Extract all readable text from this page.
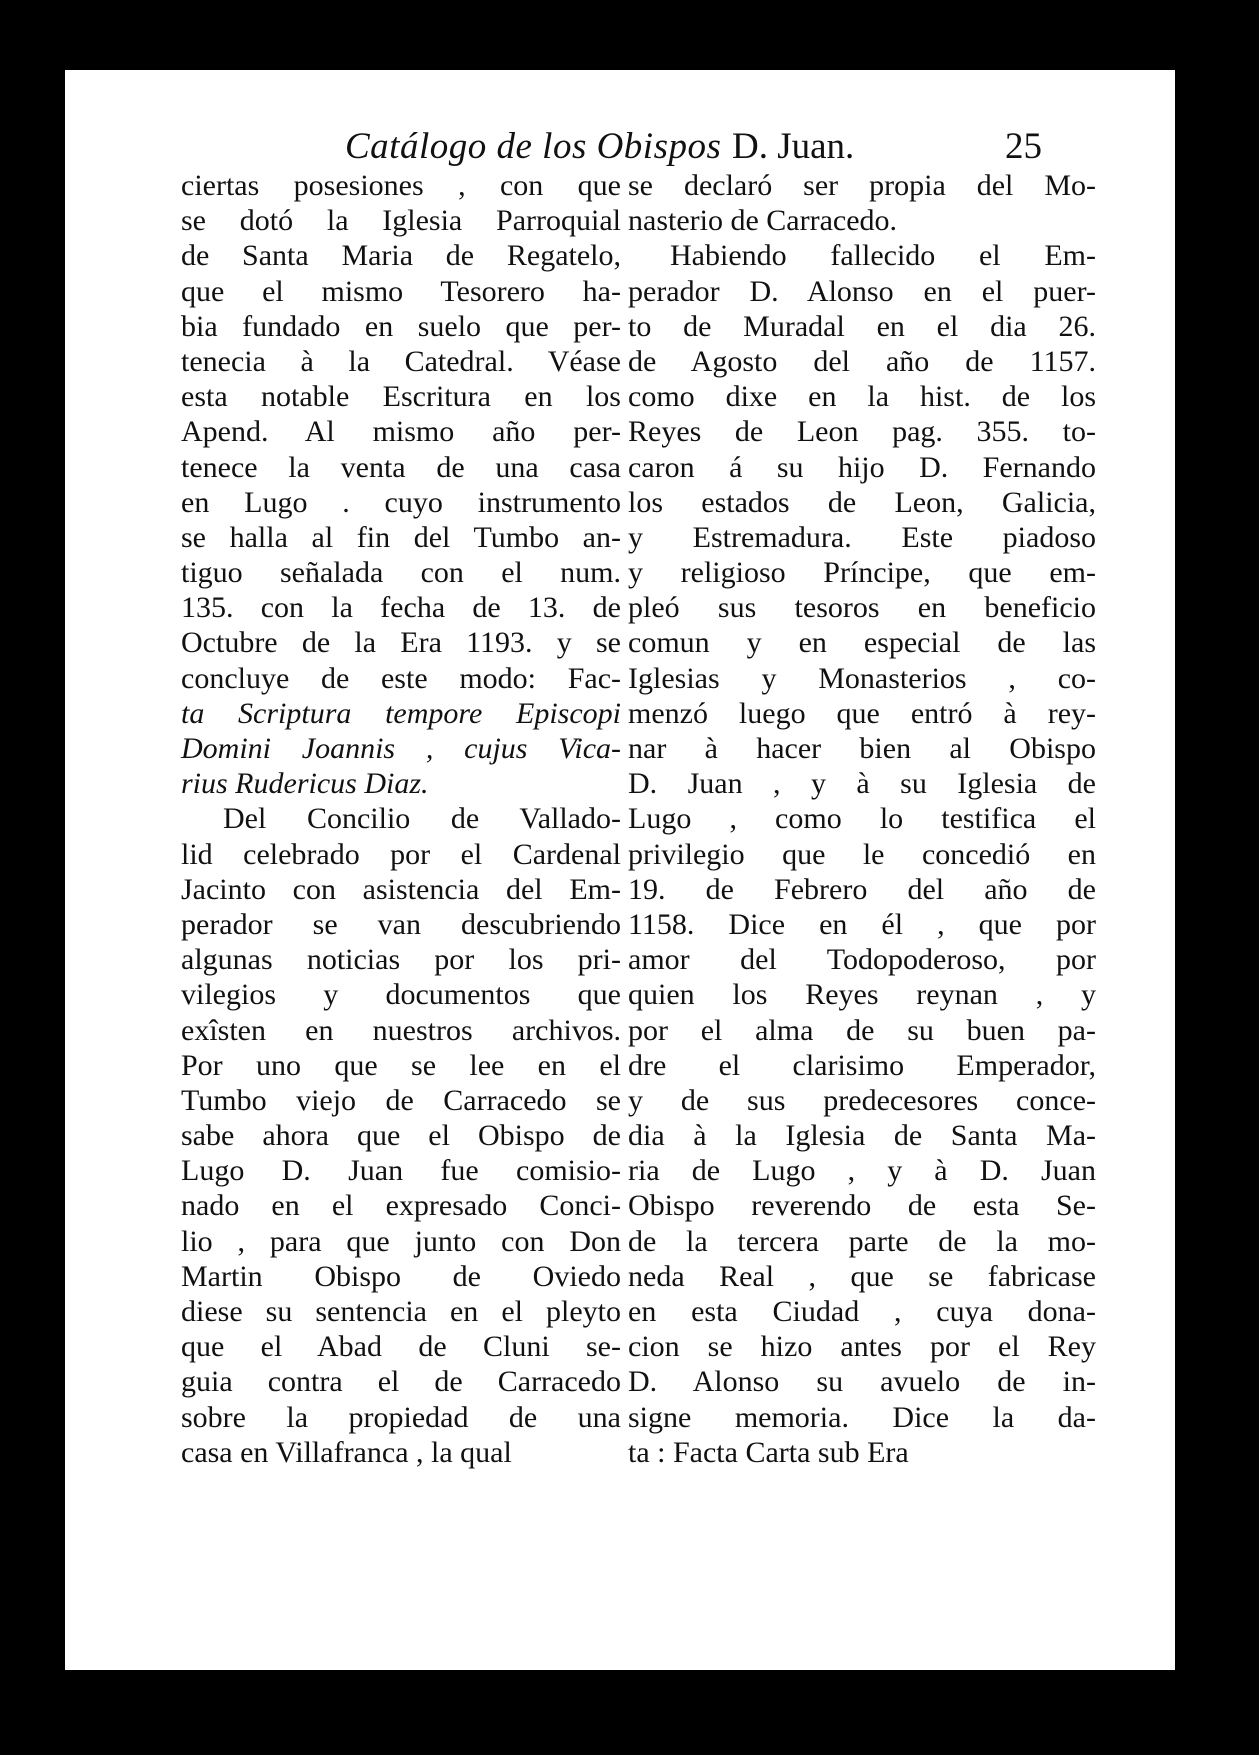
Catálogo de los Obispos D. Juan.	25
ciertas posesiones , con que
se dotó la Iglesia Parroquial
de Santa Maria de Regatelo,
que el mismo Tesorero ha-
bia fundado en suelo que per-
tenecia à la Catedral. Véase
esta notable Escritura en los
Apend. Al mismo año per-
tenece la venta de una casa
en Lugo . cuyo instrumento
se halla al fin del Tumbo an-
tiguo señalada con el num.
135. con la fecha de 13. de
Octubre de la Era 1193. y se
concluye de este modo: Fac-
ta Scriptura tempore Episcopi
Domini Joannis , cujus Vica-
rius Rudericus Diaz.
Del Concilio de Vallado-
lid celebrado por el Cardenal
Jacinto con asistencia del Em-
perador se van descubriendo
algunas noticias por los pri-
vilegios y documentos que
exîsten en nuestros archivos.
Por uno que se lee en el
Tumbo viejo de Carracedo se
sabe ahora que el Obispo de
Lugo D. Juan fue comisio-
nado en el expresado Conci-
lio , para que junto con Don
Martin Obispo de Oviedo
diese su sentencia en el pleyto
que el Abad de Cluni se-
guia contra el de Carracedo
sobre la propiedad de una
casa en Villafranca , la qual
se declaró ser propia del Mo-
nasterio de Carracedo.
Habiendo fallecido el Em-
perador D. Alonso en el puer-
to de Muradal en el dia 26.
de Agosto del año de 1157.
como dixe en la hist. de los
Reyes de Leon pag. 355. to-
caron á su hijo D. Fernando
los estados de Leon, Galicia,
y Estremadura. Este piadoso
y religioso Príncipe, que em-
pleó sus tesoros en beneficio
comun y en especial de las
Iglesias y Monasterios , co-
menzó luego que entró à rey-
nar à hacer bien al Obispo
D. Juan , y à su Iglesia de
Lugo , como lo testifica el
privilegio que le concedió en
19. de Febrero del año de
1158. Dice en él , que por
amor del Todopoderoso, por
quien los Reyes reynan , y
por el alma de su buen pa-
dre el clarisimo Emperador,
y de sus predecesores conce-
dia à la Iglesia de Santa Ma-
ria de Lugo , y à D. Juan
Obispo reverendo de esta Se-
de la tercera parte de la mo-
neda Real , que se fabricase
en esta Ciudad , cuya dona-
cion se hizo antes por el Rey
D. Alonso su avuelo de in-
signe memoria. Dice la da-
ta : Facta Carta sub Era
